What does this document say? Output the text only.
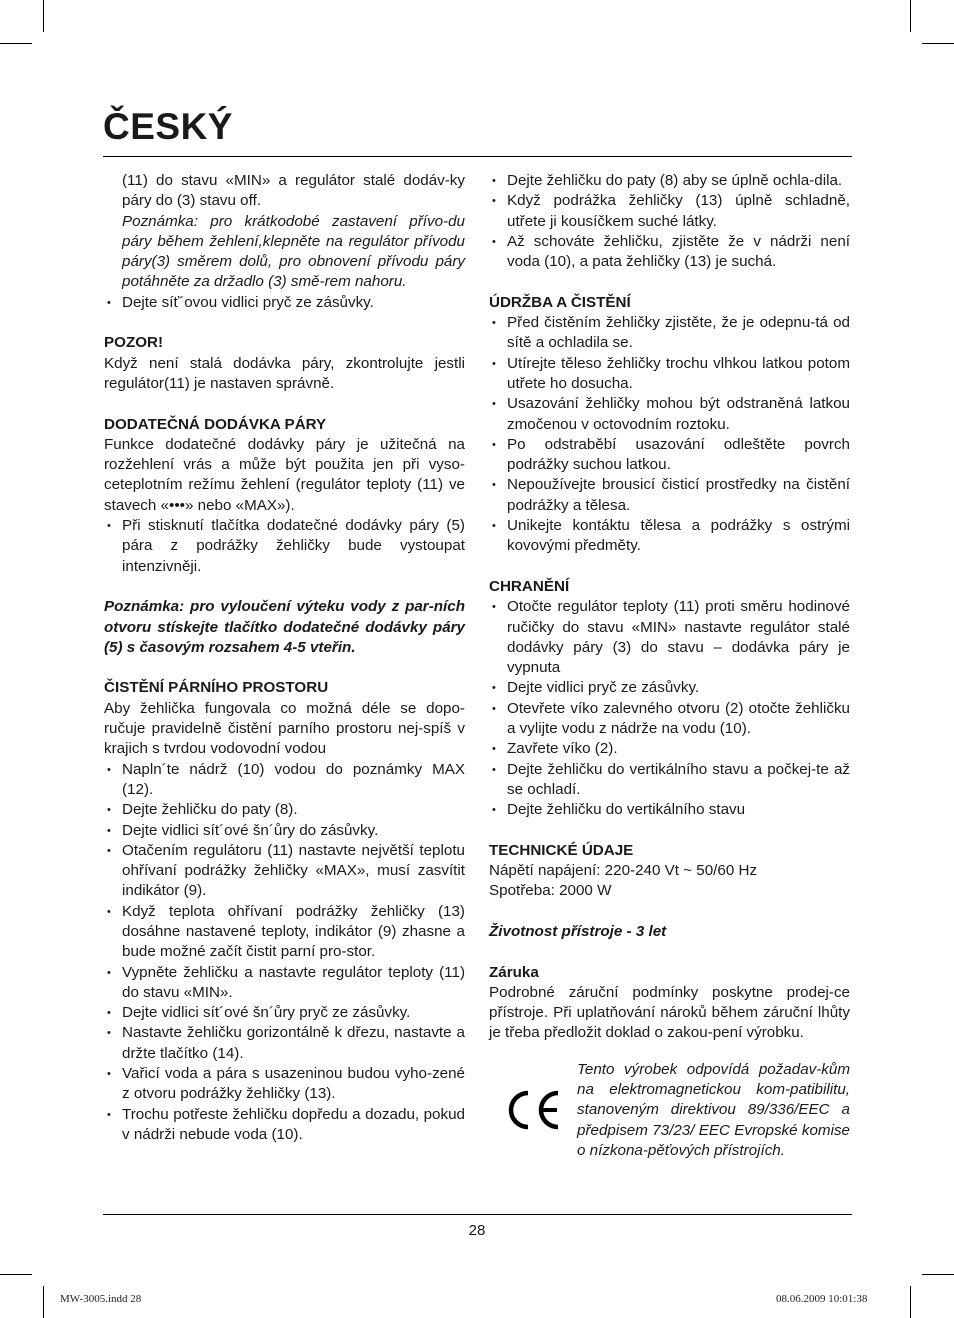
ČESKÝ

(11) do stavu «MIN» a regulátor stalé dodáv-ky páry do (3) stavu off.

Poznámka: pro krátkodobé zastavení přívo-du páry během žehlení,klepněte na regulátor přívodu páry(3) směrem dolů, pro obnovení přívodu páry potáhněte za držadlo (3) smě-rem nahoru.

• Dejte síť´ovou vidlici pryč ze zásůvky.
POZOR!

Když není stalá dodávka páry, zkontrolujte jestli regulátor(11) je nastaven správně.

DODATEČNÁ DODÁVKA PÁRY

Funkce dodatečné dodávky páry je užitečná na rozžehlení vrás a může být použita jen při vyso-ceteplotním režímu žehlení (regulátor teploty (11) ve stavech «•••» nebo «MAX»).

• Při stisknutí tlačítka dodatečné dodávky páry (5) pára z podrážky žehličky bude vystoupat intenzivněji.

Poznámka: pro vyloučení výteku vody z par-ních otvoru stískejte tlačítko dodatečné dodávky páry (5) s časovým rozsahem 4-5 vteřin.

ČISTĚNÍ PÁRNÍHO PROSTORU

Aby žehlička fungovala co možná déle se dopo-ručuje pravidelně čistění parního prostoru nej-spíš v krajich s tvrdou vodovodní vodou

• Napln´te nádrž (10) vodou do poznámky MAX (12).
• Dejte žehličku do paty (8).
• Dejte vidlici sít´ové šn´ůry do zásůvky.
• Otačením regulátoru (11) nastavte největší teplotu ohřívaní podrážky žehličky «MAX», musí zasvítit indikátor (9).
• Když teplota ohřívaní podrážky žehličky (13) dosáhne nastavené teploty, indikátor (9) zhasne a bude možné začít čistit parní pro-stor.
• Vypněte žehličku a nastavte regulátor teploty (11) do stavu «MIN».
• Dejte vidlici sít´ové šn´ůry pryč ze zásůvky.
• Nastavte žehličku gorizontálně k dřezu, nastavte a držte tlačítko (14).
• Vařicí voda a pára s usazeninou budou vyho-zené z otvoru podrážky žehličky (13).
• Trochu potřeste žehličku dopředu a dozadu, pokud v nádrži nebude voda (10).
• Dejte žehličku do paty (8) aby se úplně ochla-dila.
• Když podrážka žehličky (13) úplně schladně, utřete ji kousíčkem suché látky.
• Až schováte žehličku, zjistěte že v nádrži není voda (10), a pata žehličky (13) je suchá.
ÚDRŽBA A ČISTĚNÍ
• Před čistěním žehličky zjistěte, že je odepnu-tá od sítě a ochladila se.
• Utírejte těleso žehličky trochu vlhkou latkou potom utřete ho dosucha.
• Usazování žehličky mohou být odstraněná latkou zmočenou v octovodním roztoku.
• Po odstraběbí usazování odleštěte povrch podrážky suchou latkou.
• Nepoužívejte brousicí čisticí prostředky na čistění podrážky a tělesa.
• Unikejte kontáktu tělesa a podrážky s ostrými kovovými předměty.
CHRANĚNÍ
• Otočte regulátor teploty (11) proti směru hodinové ručičky do stavu «MIN» nastavte regulátor stalé dodávky páry (3) do stavu – dodávka páry je vypnuta
• Dejte vidlici pryč ze zásůvky.
• Otevřete víko zalevného otvoru (2) otočte žehličku a vylijte vodu z nádrže na vodu (10).
• Zavřete víko (2).
• Dejte žehličku do vertikálního stavu a počkej-te až se ochladí.
• Dejte žehličku do vertikálního stavu
TECHNICKÉ ÚDAJE

Nápětí napájení: 220-240 Vt ~ 50/60 Hz

Spotřeba: 2000 W

Životnost přístroje - 3 let

Záruka

Podrobné záruční podmínky poskytne prodej-ce přístroje. Při uplatňování nároků během záruční lhůty je třeba předložit doklad o zakou-pení výrobku.

Tento výrobek odpovídá požadav-kům na elektromagnetickou kom-patibilitu, stanoveným direktivou 89/336/EEC a předpisem 73/23/ EEC Evropské komise o nízkona-pěťových přístrojích.

28
MW-3005.indd 28	08.06.2009 10:01:38
